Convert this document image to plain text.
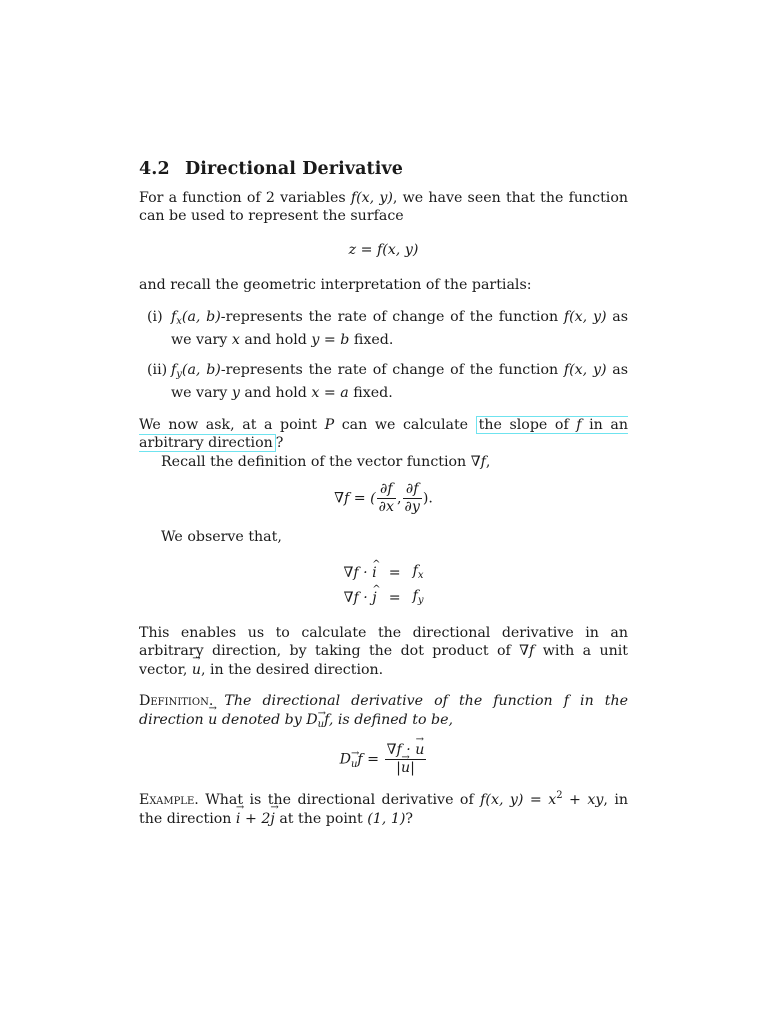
4.2 Directional Derivative

For a function of 2 variables f(x, y), we have seen that the function can be used to represent the surface

z = f(x, y)

and recall the geometric interpretation of the partials:

(i) $f_x(a$, b)-represents the rate of change of the function f(x, y) as we vary x and hold y = b fixed.

(ii) $f_y(a$, b)-represents the rate of change of the function f(x, y) as we vary y and hold x = a fixed.

We now ask, at a point P can we calculate the slope of f in an arbitrary direction ?

Recall the definition of the vector function ∇f,

∇f = ( $\frac{\partial f}{\partial x}$ , $\frac{\partial f}{\partial y}$ ).

We observe that,

∇f · ^ i	=	$f_x$
∇f · ^ j	=	$f_y$

This enables us to calculate the directional derivative in an arbitrary direction, by taking the dot product of ∇f with a unit vector, → u, in the desired direction.

Definition. The directional derivative of the function f in the direction → u denoted by D→ uf, is defined to be,

D→ uf = $\frac{\nabla f \cdot \to u}{|\to u|}$

Example. What is the directional derivative of f(x, $y) = x^2$ + xy, in the direction → i + 2→ j at the point (1, 1)?
